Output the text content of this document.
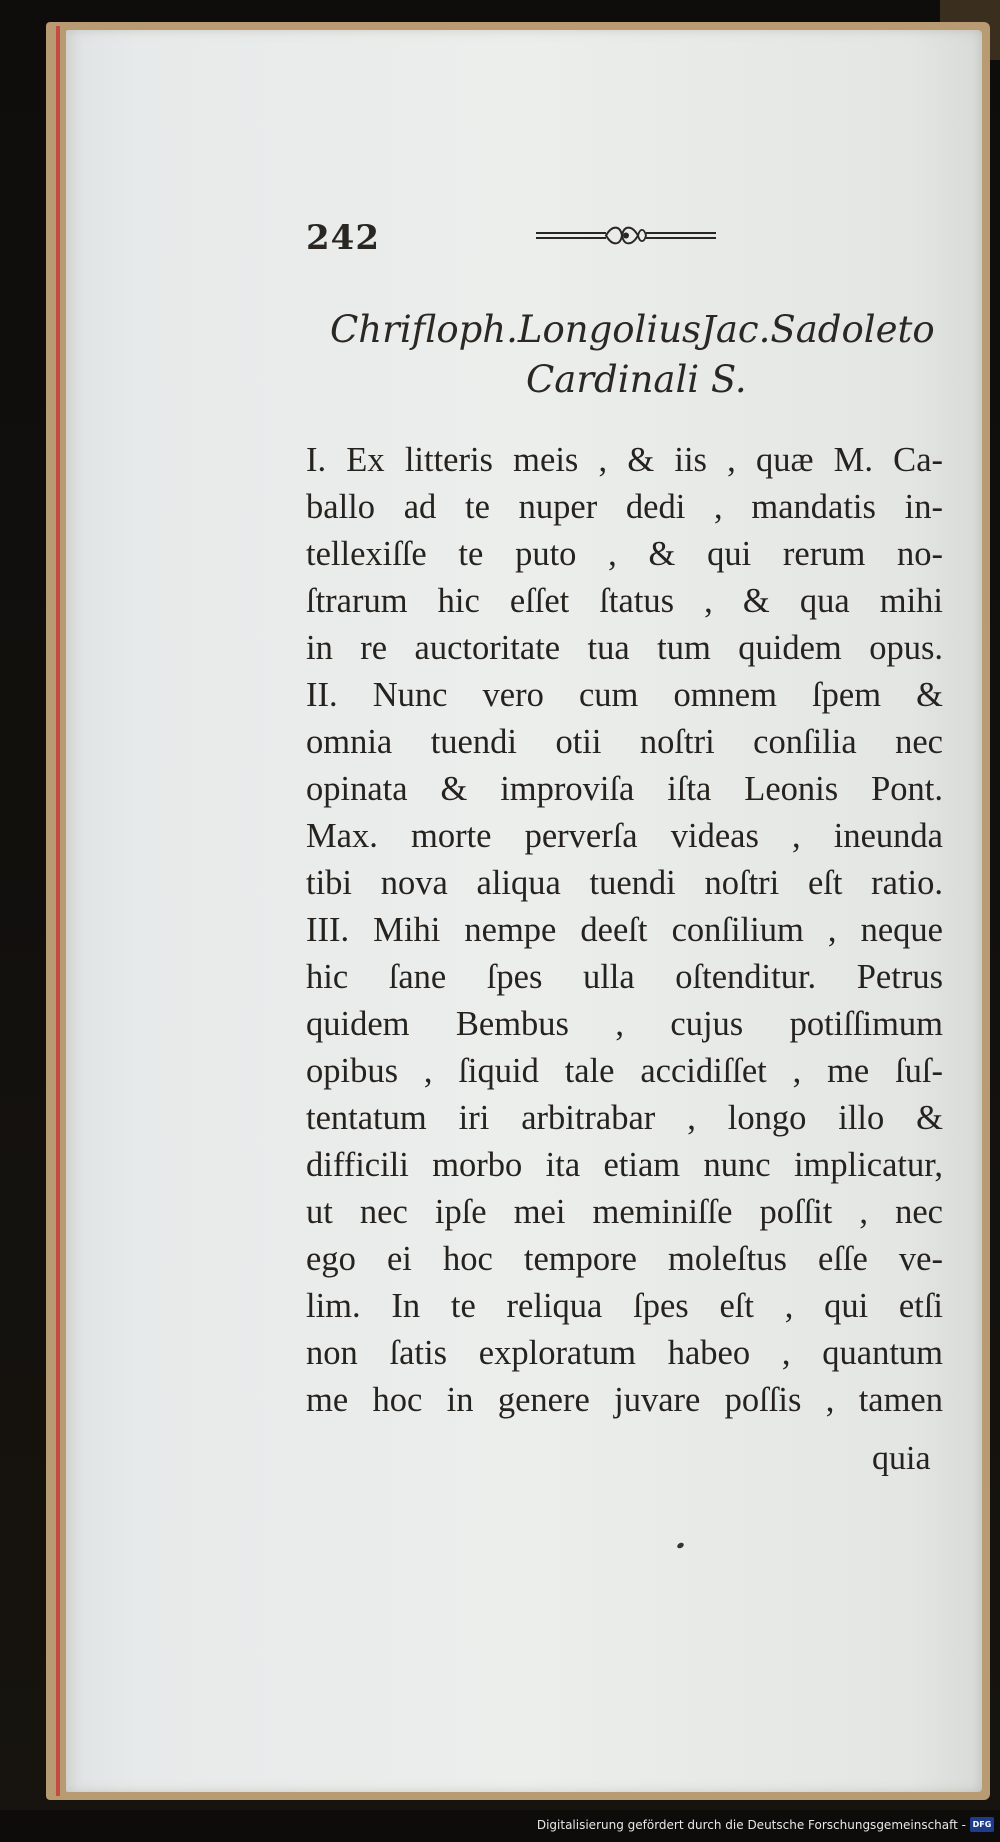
242
Chrifloph. Longolius Jac. Sadoleto
Cardinali S.
I. Ex litteris meis , & iis , quæ M. Ca-
ballo ad te nuper dedi , mandatis in-
tellexiſſe te puto , & qui rerum no-
ſtrarum hic eſſet ſtatus , & qua mihi
in re auctoritate tua tum quidem opus.
II. Nunc vero cum omnem ſpem &
omnia tuendi otii noſtri conſilia nec
opinata & improviſa iſta Leonis Pont.
Max. morte perverſa videas , ineunda
tibi nova aliqua tuendi noſtri eſt ratio.
III. Mihi nempe deeſt conſilium , neque
hic ſane ſpes ulla oſtenditur. Petrus
quidem Bembus , cujus potiſſimum
opibus , ſiquid tale accidiſſet , me ſuſ-
tentatum iri arbitrabar , longo illo &
difficili morbo ita etiam nunc implicatur,
ut nec ipſe mei meminiſſe poſſit , nec
ego ei hoc tempore moleſtus eſſe ve-
lim. In te reliqua ſpes eſt , qui etſi
non ſatis exploratum habeo , quantum
me hoc in genere juvare poſſis , tamen
quia
Digitalisierung gefördert durch die Deutsche Forschungsgemeinschaft - DFG
